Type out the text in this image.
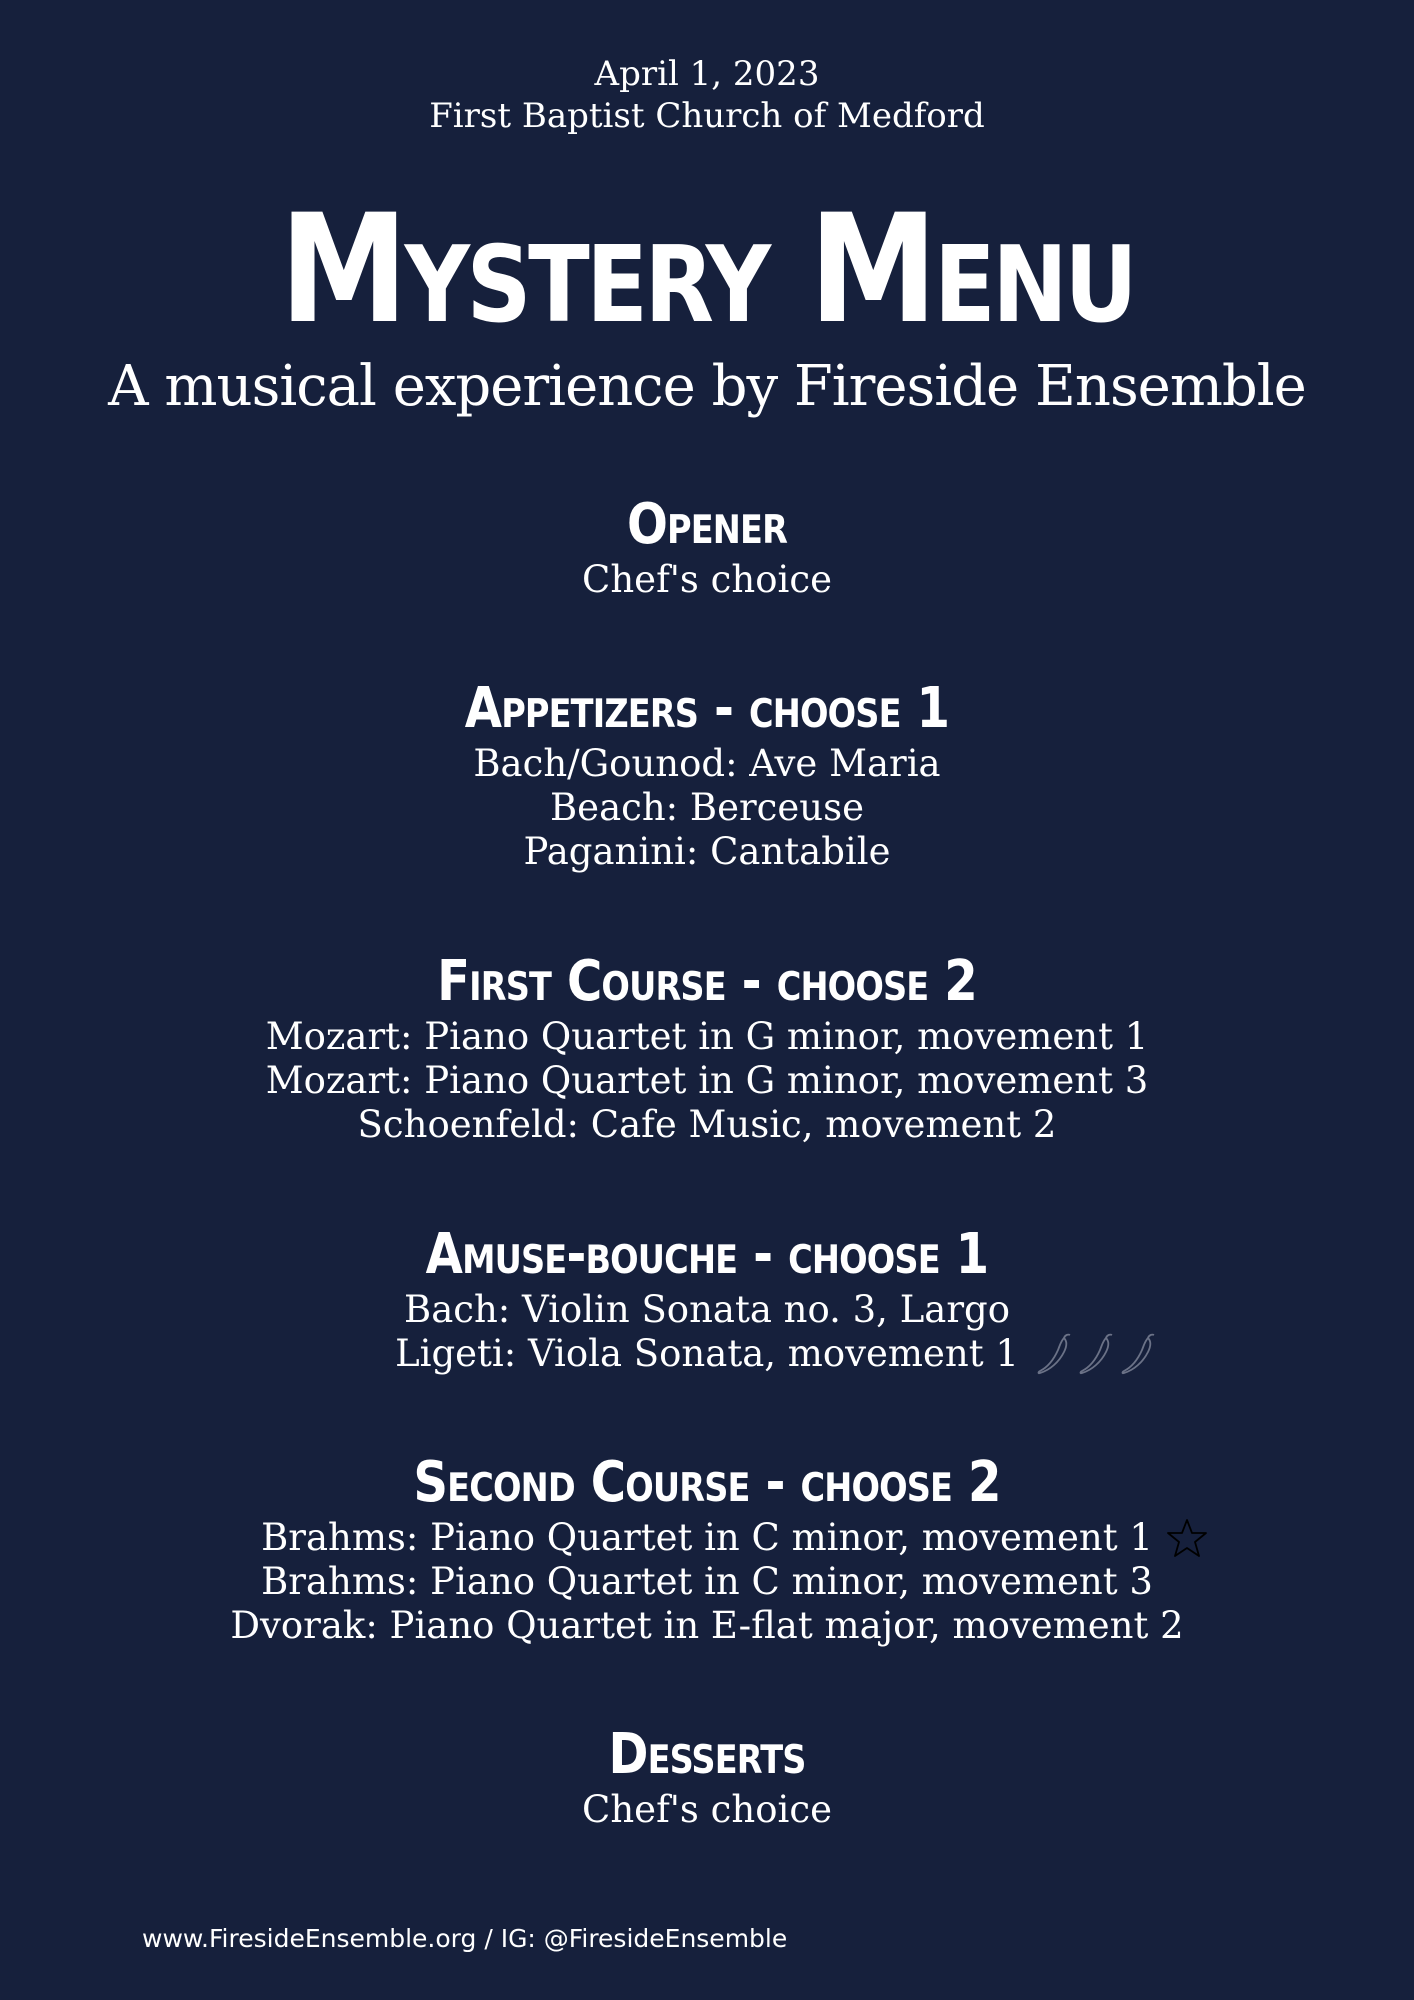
April 1, 2023
First Baptist Church of Medford
Mystery Menu
A musical experience by Fireside Ensemble
Opener
Chef's choice
Appetizers - choose 1
Bach/Gounod: Ave Maria
Beach: Berceuse
Paganini: Cantabile
First Course - choose 2
Mozart: Piano Quartet in G minor, movement 1
Mozart: Piano Quartet in G minor, movement 3
Schoenfeld: Cafe Music, movement 2
Amuse-bouche - choose 1
Bach: Violin Sonata no. 3, Largo
Ligeti: Viola Sonata, movement 1
Second Course - choose 2
Brahms: Piano Quartet in C minor, movement 1
Brahms: Piano Quartet in C minor, movement 3
Dvorak: Piano Quartet in E-flat major, movement 2
Desserts
Chef's choice
www.FiresideEnsemble.org / IG: @FiresideEnsemble
